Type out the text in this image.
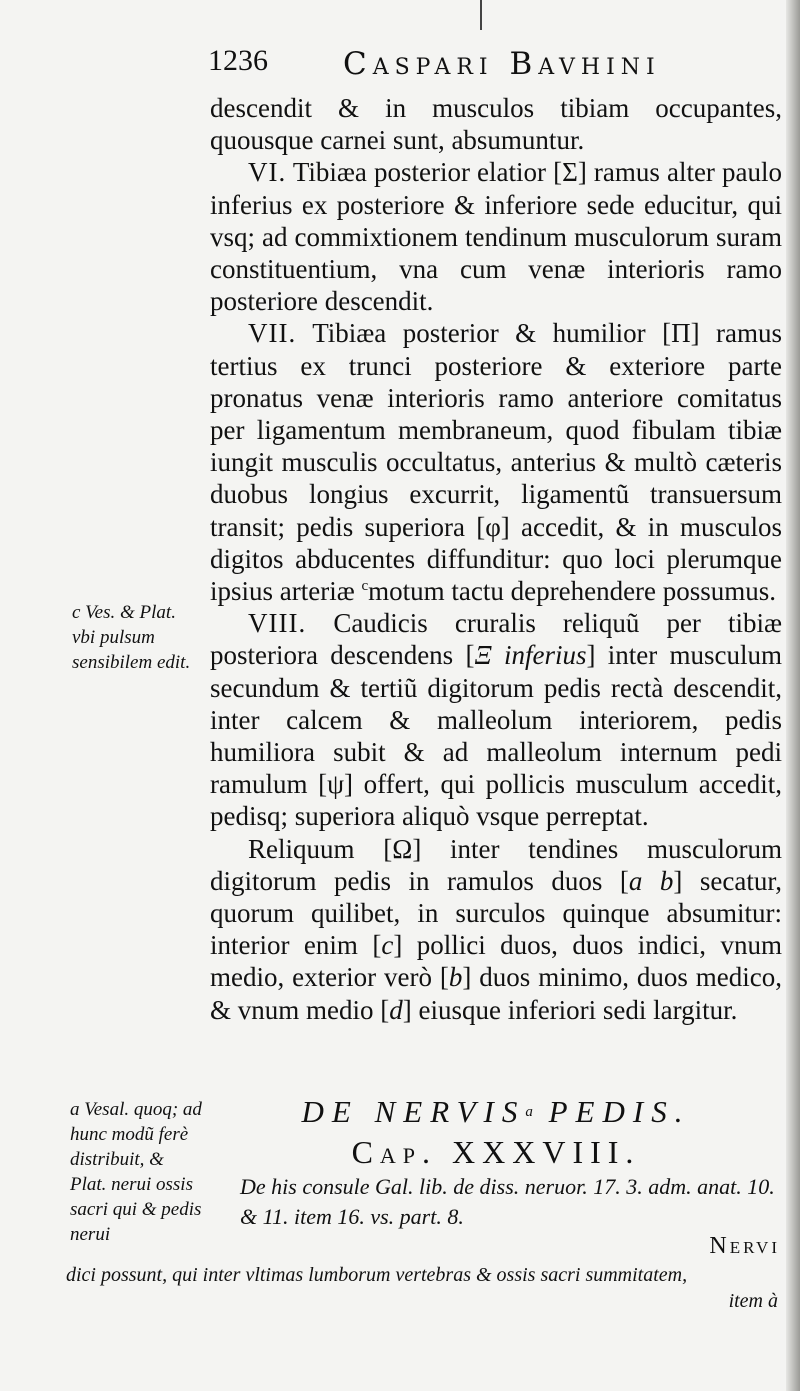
1236 Caspari Bavhini

descendit & in musculos tibiam occupantes, quousque carnei sunt, absumuntur.

VI. Tibiæa posterior elatior [Σ] ramus alter paulo inferius ex posteriore & inferiore sede educitur, qui vsq; ad commixtionem tendinum musculorum suram constituentium, vna cum venæ interioris ramo posteriore descendit.

VII. Tibiæa posterior & humilior [Π] ramus tertius ex trunci posteriore & exteriore parte pronatus venæ interioris ramo anteriore comitatus per ligamentum membraneum, quod fibulam tibiæ iungit musculis occultatus, anterius & multò cæteris duobus longius excurrit, ligamentũ transuersum transit; pedis superiora [φ] accedit, & in musculos digitos abducentes diffunditur: quo loci plerumque ipsius arteriæ $^c$motum tactu deprehendere possumus.

VIII. Caudicis cruralis reliquũ per tibiæ posteriora descendens [Ξ inferius] inter musculum secundum & tertiũ digitorum pedis rectà descendit, inter calcem & malleolum interiorem, pedis humiliora subit & ad malleolum internum pedi ramulum [ψ] offert, qui pollicis musculum accedit, pedisq; superiora aliquò vsque perreptat.

Reliquum [Ω] inter tendines musculorum digitorum pedis in ramulos duos [a b] secatur, quorum quilibet, in surculos quinque absumitur: interior enim [c] pollici duos, duos indici, vnum medio, exterior verò [b] duos minimo, duos medico, & vnum medio [d] eiusque inferiori sedi largitur.

c Ves. & Plat. vbi pulsum sensibilem edit.
a Vesal. quoq; ad hunc modũ ferè distribuit, & Plat. nerui ossis sacri qui & pedis nerui
DE NERVIS$^a$ PEDIS.
Cap. XXXVIII.
De his consule Gal. lib. de diss. neruor. 17. 3. adm. anat. 10. & 11. item 16. vs. part. 8.
Nervi
dici possunt, qui inter vltimas lumborum vertebras & ossis sacri summitatem,
item à
